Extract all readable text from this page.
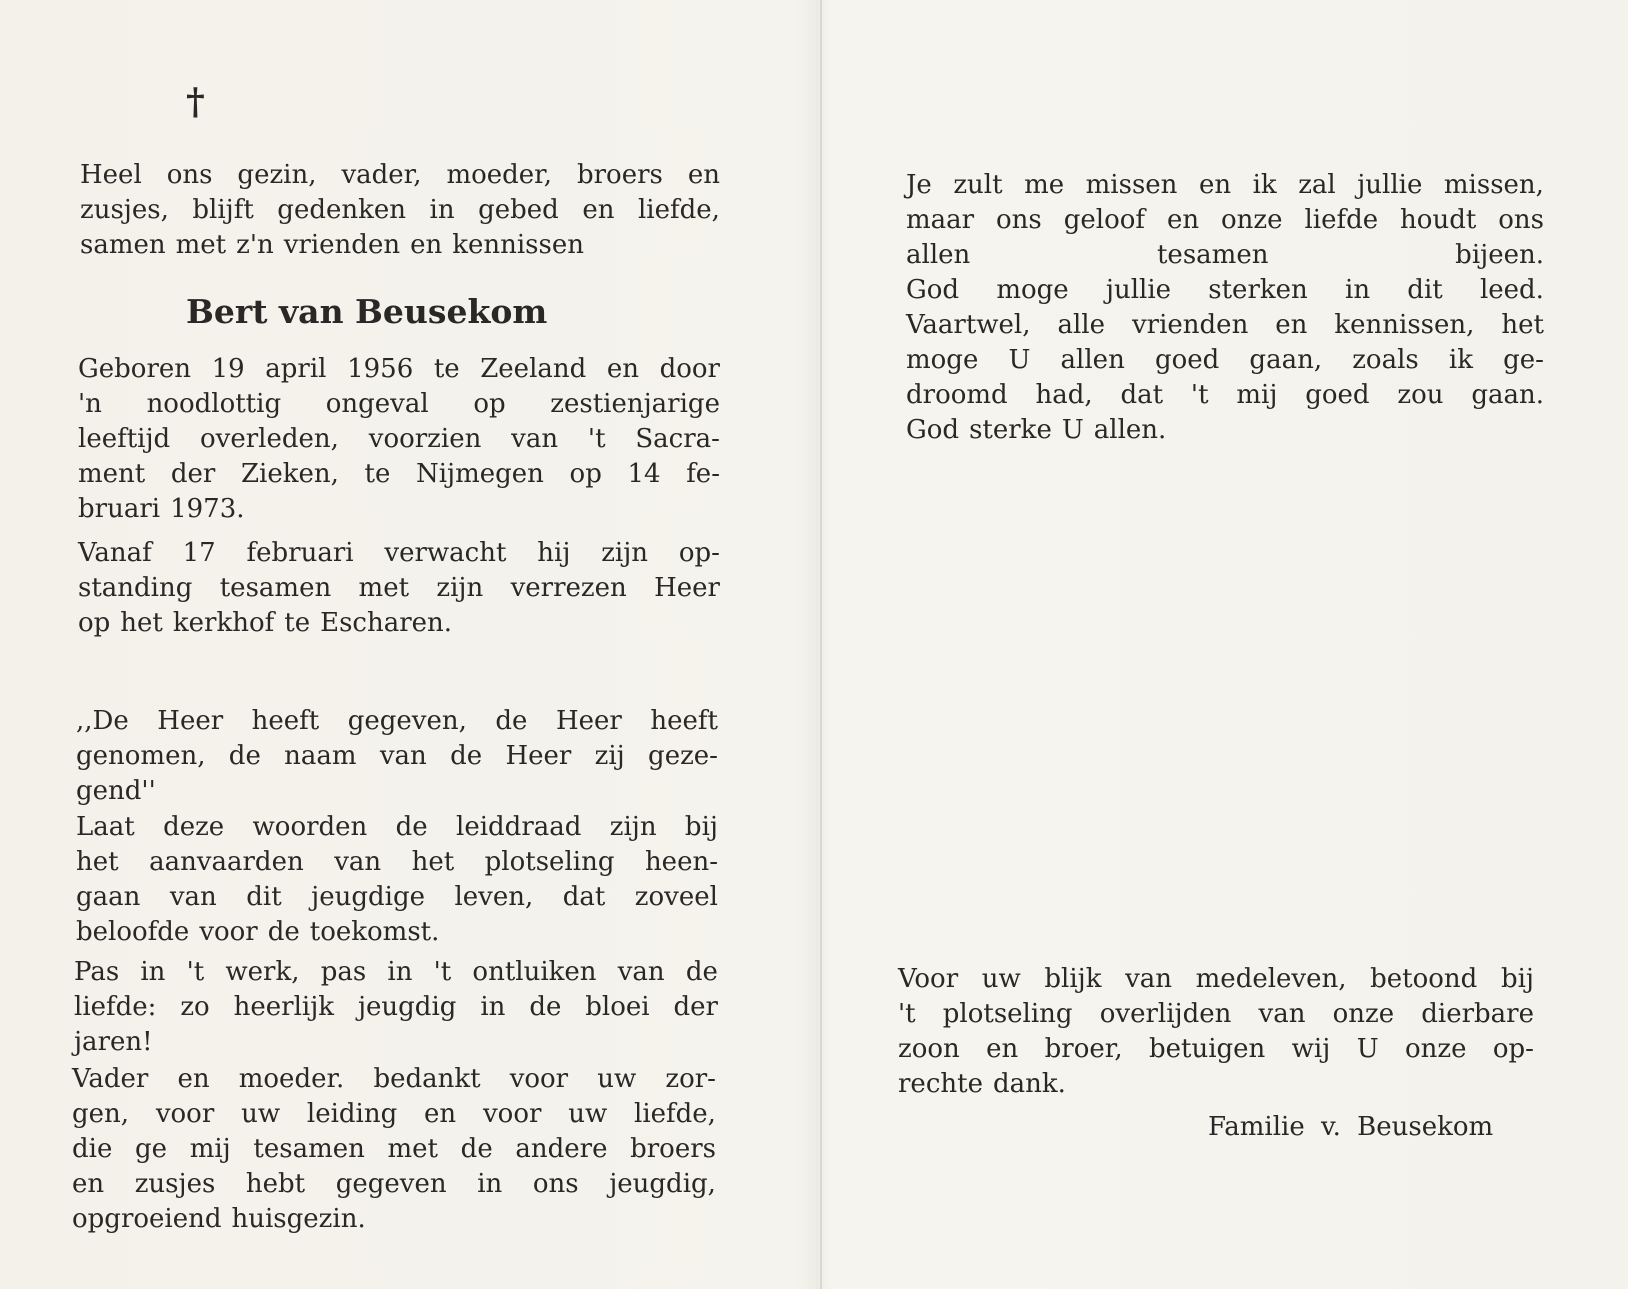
†
Heel ons gezin, vader, moeder, broers en
zusjes, blijft gedenken in gebed en liefde,
samen met z'n vrienden en kennissen
Bert van Beusekom
Geboren 19 april 1956 te Zeeland en door
'n noodlottig ongeval op zestienjarige
leeftijd overleden, voorzien van 't Sacra-
ment der Zieken, te Nijmegen op 14 fe-
bruari 1973.
Vanaf 17 februari verwacht hij zijn op-
standing tesamen met zijn verrezen Heer
op het kerkhof te Escharen.
,,De Heer heeft gegeven, de Heer heeft
genomen, de naam van de Heer zij geze-
gend''
Laat deze woorden de leiddraad zijn bij
het aanvaarden van het plotseling heen-
gaan van dit jeugdige leven, dat zoveel
beloofde voor de toekomst.
Pas in 't werk, pas in 't ontluiken van de
liefde: zo heerlijk jeugdig in de bloei der
jaren!
Vader en moeder. bedankt voor uw zor-
gen, voor uw leiding en voor uw liefde,
die ge mij tesamen met de andere broers
en zusjes hebt gegeven in ons jeugdig,
opgroeiend huisgezin.
Je zult me missen en ik zal jullie missen,
maar ons geloof en onze liefde houdt ons
allen	tesamen	bijeen.
God moge jullie sterken in dit leed.
Vaartwel, alle vrienden en kennissen, het
moge U allen goed gaan, zoals ik ge-
droomd had, dat 't mij goed zou gaan.
God sterke U allen.
Voor uw blijk van medeleven, betoond bij
't plotseling overlijden van onze dierbare
zoon en broer, betuigen wij U onze op-
rechte dank.
Familie v. Beusekom
